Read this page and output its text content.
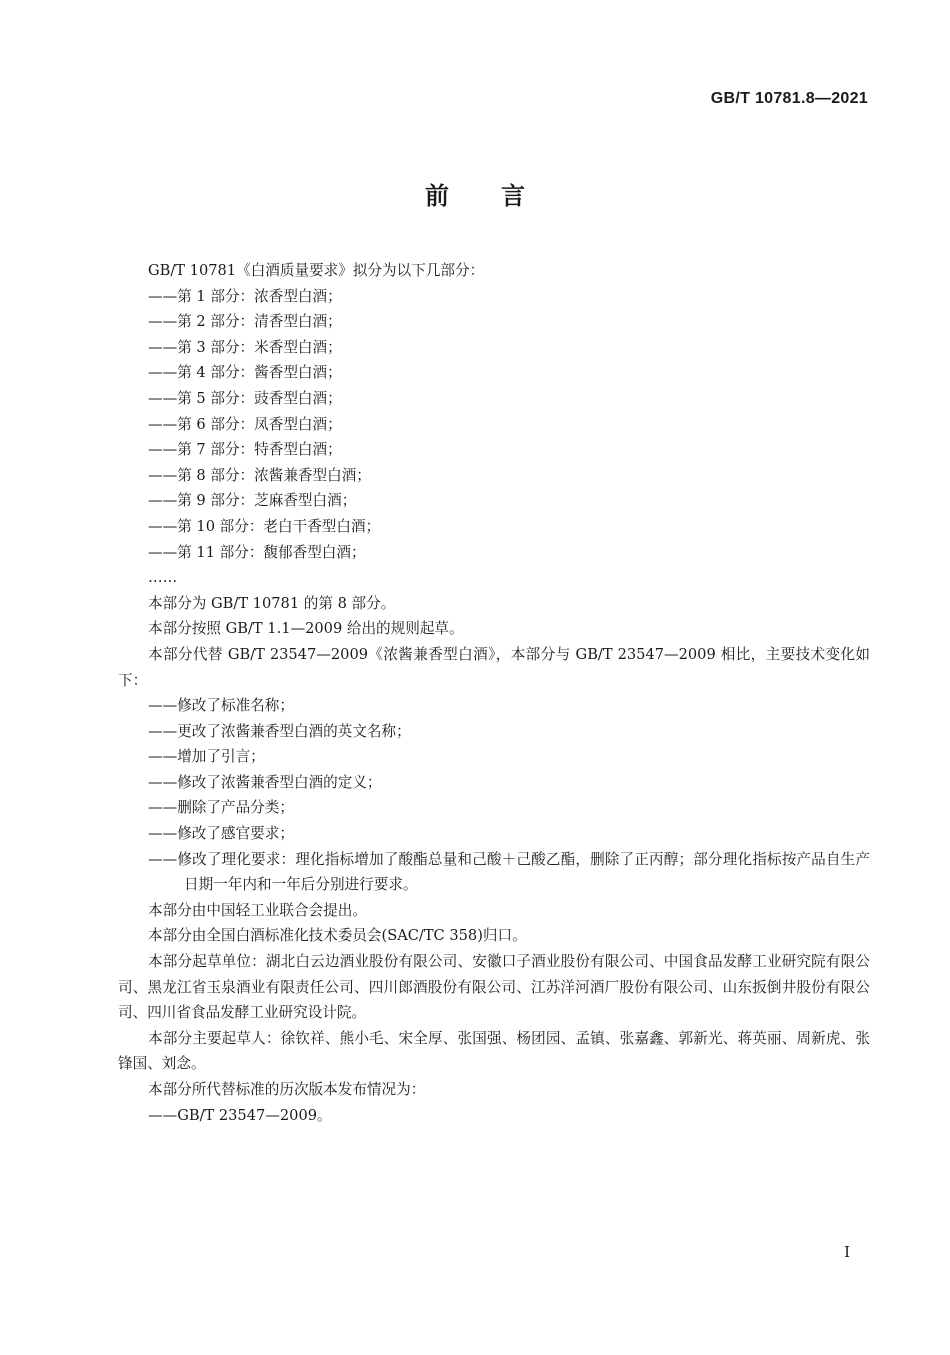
GB/T 10781.8—2021
前言

GB/T 10781《白酒质量要求》拟分为以下几部分：

——第 1 部分：浓香型白酒；

——第 2 部分：清香型白酒；

——第 3 部分：米香型白酒；

——第 4 部分：酱香型白酒；

——第 5 部分：豉香型白酒；

——第 6 部分：凤香型白酒；

——第 7 部分：特香型白酒；

——第 8 部分：浓酱兼香型白酒；

——第 9 部分：芝麻香型白酒；

——第 10 部分：老白干香型白酒；

——第 11 部分：馥郁香型白酒；

……

本部分为 GB/T 10781 的第 8 部分。

本部分按照 GB/T 1.1—2009 给出的规则起草。

本部分代替 GB/T 23547—2009《浓酱兼香型白酒》，本部分与 GB/T 23547—2009 相比，主要技术变化如下：

——修改了标准名称；

——更改了浓酱兼香型白酒的英文名称；

——增加了引言；

——修改了浓酱兼香型白酒的定义；

——删除了产品分类；

——修改了感官要求；

——修改了理化要求：理化指标增加了酸酯总量和己酸＋己酸乙酯，删除了正丙醇；部分理化指标按产品自生产日期一年内和一年后分别进行要求。

本部分由中国轻工业联合会提出。

本部分由全国白酒标准化技术委员会(SAC/TC 358)归口。

本部分起草单位：湖北白云边酒业股份有限公司、安徽口子酒业股份有限公司、中国食品发酵工业研究院有限公司、黑龙江省玉泉酒业有限责任公司、四川郎酒股份有限公司、江苏洋河酒厂股份有限公司、山东扳倒井股份有限公司、四川省食品发酵工业研究设计院。

本部分主要起草人：徐钦祥、熊小毛、宋全厚、张国强、杨团园、孟镇、张嘉鑫、郭新光、蒋英丽、周新虎、张锋国、刘念。

本部分所代替标准的历次版本发布情况为：

——GB/T 23547—2009。

I
